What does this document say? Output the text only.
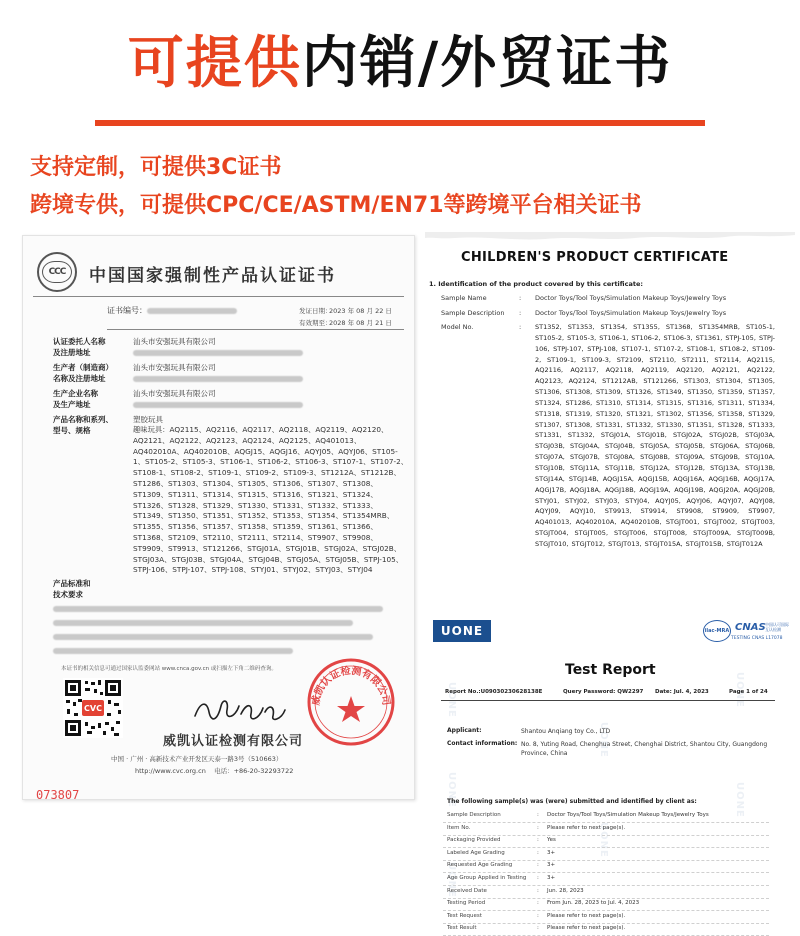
可提供内销/外贸证书
支持定制，可提供3C证书
跨境专供，可提供CPC/CE/ASTM/EN71等跨境平台相关证书
CCC	中国国家强制性产品认证证书
证书编号：	发证日期：
2023 年 08 月 22 日
有效期至：
2028 年 08 月 21 日
认证委托人名称
及注册地址
汕头市安强玩具有限公司
生产者（制造商）
名称及注册地址
汕头市安强玩具有限公司
生产企业名称
及生产地址
汕头市安强玩具有限公司
产品名称和系列、
型号、规格
塑胶玩具
趣味玩具：AQ2115、AQ2116、AQ2117、AQ2118、AQ2119、AQ2120、AQ2121、AQ2122、AQ2123、AQ2124、AQ2125、AQ401013、AQ402010A、AQ402010B、AQGJ15、AQGJ16、AQYJ05、AQYJ06、ST105-1、ST105-2、ST105-3、ST106-1、ST106-2、ST106-3、ST107-1、ST107-2、ST108-1、ST108-2、ST109-1、ST109-2、ST109-3、ST1212A、ST1212B、ST1286、ST1303、ST1304、ST1305、ST1306、ST1307、ST1308、ST1309、ST1311、ST1314、ST1315、ST1316、ST1321、ST1324、ST1326、ST1328、ST1329、ST1330、ST1331、ST1332、ST1333、ST1349、ST1350、ST1351、ST1352、ST1353、ST1354、ST1354MRB、ST1355、ST1356、ST1357、ST1358、ST1359、ST1361、ST1366、ST1368、ST2109、ST2110、ST2111、ST2114、ST9907、ST9908、ST9909、ST9913、ST121266、STGJ01A、STGJ01B、STGJ02A、STGJ02B、STGJ03A、STGJ03B、STGJ04A、STGJ04B、STGJ05A、STGJ05B、STPJ-105、STPJ-106、STPJ-107、STPJ-108、STYJ01、STYJ02、STYJ03、STYJ04
产品标准和
技术要求
本证书的相关信息可通过国家认监委网站 www.cnca.gov.cn 或扫描左下角二维码查询。
CVC
威凯认证检测有限公司
威凯认证检测有限公司
中国 · 广州 · 高新技术产业开发区天泰一路3号（510663）
http://www.cvc.org.cn 电话：+86-20-32293722
073807
CHILDREN'S PRODUCT CERTIFICATE
1. Identification of the product covered by this certificate:
Sample Name	: Doctor Toys/Tool Toys/Simulation Makeup Toys/Jewelry Toys
Sample Description : Doctor Toys/Tool Toys/Simulation Makeup Toys/Jewelry Toys
Model No.	: ST1352, ST1353, ST1354, ST1355, ST1368, ST1354MRB, ST105-1, ST105-2, ST105-3, ST106-1, ST106-2, ST106-3, ST1361, STPJ-105, STPJ-106, STPJ-107, STPJ-108, ST107-1, ST107-2, ST108-1, ST108-2, ST109-2, ST109-1, ST109-3, ST2109, ST2110, ST2111, ST2114, AQ2115, AQ2116, AQ2117, AQ2118, AQ2119, AQ2120, AQ2121, AQ2122, AQ2123, AQ2124, ST1212AB, ST121266, ST1303, ST1304, ST1305, ST1306, ST1308, ST1309, ST1326, ST1349, ST1350, ST1359, ST1357, ST1324, ST1286, ST1310, ST1314, ST1315, ST1316, ST1311, ST1334, ST1318, ST1319, ST1320, ST1321, ST1302, ST1356, ST1358, ST1329, ST1307, ST1308, ST1331, ST1332, ST1330, ST1351, ST1328, ST1333, ST1331, ST1332, STGJ01A, STGJ01B, STGJ02A, STGJ02B, STGJ03A, STGJ03B, STGJ04A, STGJ04B, STGJ05A, STGJ05B, STGJ06A, STGJ06B, STGJ07A, STGJ07B, STGJ08A, STGJ08B, STGJ09A, STGJ09B, STGJ10A, STGJ10B, STGJ11A, STGJ11B, STGJ12A, STGJ12B, STGJ13A, STGJ13B, STGJ14A, STGJ14B, AQGJ15A, AQGJ15B, AQGJ16A, AQGJ16B, AQGJ17A, AQGJ17B, AQGJ18A, AQGJ18B, AQGJ19A, AQGJ19B, AQGJ20A, AQGJ20B, STYJ01, STYJ02, STYJ03, STYJ04, AQYJ05, AQYJ06, AQYJ07, AQYJ08, AQYJ09, AQYJ10, ST9913, ST9914, ST9908, ST9909, ST9907, AQ401013, AQ402010A, AQ402010B, STGJT001, STGJT002, STGJT003, STGJT004, STGJT005, STGJT006, STGJT008, STGJT009A, STGJT009B, STGJT010, STGJT012, STGJT013, STGJT015A, STGJT015B, STGJT012A
UONE	ilac-MRA CNAS 中国认可国际互认检测
TESTING CNAS L17078
UONE
UONE
UONE
UONE
UONE
UONE
UONE
Test Report
Report No.:U09030230628138E	Query Password: QW2297 Date: Jul. 4, 2023	Page 1 of 24
Applicant:	Shantou Anqiang toy Co., LTD
Contact information: No. 8, Yuting Road, Chenghua Street, Chenghai District, Shantou City, Guangdong Province, China
The following sample(s) was (were) submitted and identified by client as:
Sample Description	: Doctor Toys/Tool Toys/Simulation Makeup Toys/Jewelry Toys
Item No.	: Please refer to next page(s).
Packaging Provided	: Yes
Labeled Age Grading	: 3+
Requested Age Grading	: 3+
Age Group Applied in Testing : 3+
Received Date	: Jun. 28, 2023
Testing Period	: From Jun. 28, 2023 to Jul. 4, 2023
Test Request	: Please refer to next page(s).
Test Result	: Please refer to next page(s).
